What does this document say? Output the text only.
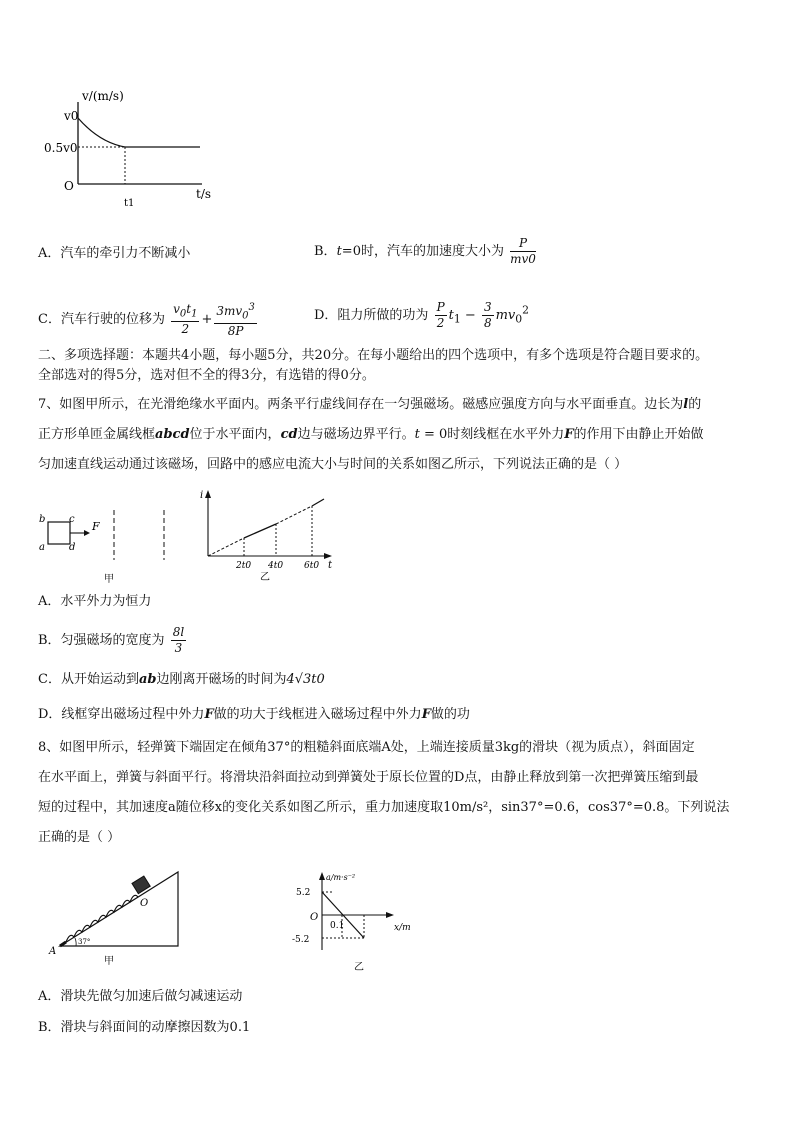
v/(m/s)
v0
0.5v0
O
t1
t/s
A．汽车的牵引力不断减小	B．t=0时，汽车的加速度大小为 $\frac{P}{mv0}$
C．汽车行驶的位移为 $\frac{v_0t_1}{2} + \frac{3mv_0^3}{8P}$	D．阻力所做的功为 $\frac{P}{2} t_1 - \frac{3}{8} mv_0^2$
二、多项选择题：本题共4小题，每小题5分，共20分。在每小题给出的四个选项中，有多个选项是符合题目要求的。
全部选对的得5分，选对但不全的得3分，有选错的得0分。
7、如图甲所示，在光滑绝缘水平面内。两条平行虚线间存在一匀强磁场。磁感应强度方向与水平面垂直。边长为l的
正方形单匝金属线框abcd位于水平面内，cd边与磁场边界平行。t = 0时刻线框在水平外力F的作用下由静止开始做
匀加速直线运动通过该磁场，回路中的感应电流大小与时间的关系如图乙所示，下列说法正确的是（ ）
b c
a d
F
甲
i
t
2t0 4t0 6t0
乙
A．水平外力为恒力
B．匀强磁场的宽度为 $\frac{8l}{3}$
C．从开始运动到ab边刚离开磁场的时间为4√3t0
D．线框穿出磁场过程中外力F做的功大于线框进入磁场过程中外力F做的功
8、如图甲所示，轻弹簧下端固定在倾角37°的粗糙斜面底端A处，上端连接质量3kg的滑块（视为质点），斜面固定
在水平面上，弹簧与斜面平行。将滑块沿斜面拉动到弹簧处于原长位置的D点，由静止释放到第一次把弹簧压缩到最
短的过程中，其加速度a随位移x的变化关系如图乙所示，重力加速度取10m/s²，sin37°=0.6，cos37°=0.8。下列说法
正确的是（ ）
A
O
37°
甲
a/m·s⁻²
x/m
5.2
-5.2
O
0.1
乙
A．滑块先做匀加速后做匀减速运动
B．滑块与斜面间的动摩擦因数为0.1
